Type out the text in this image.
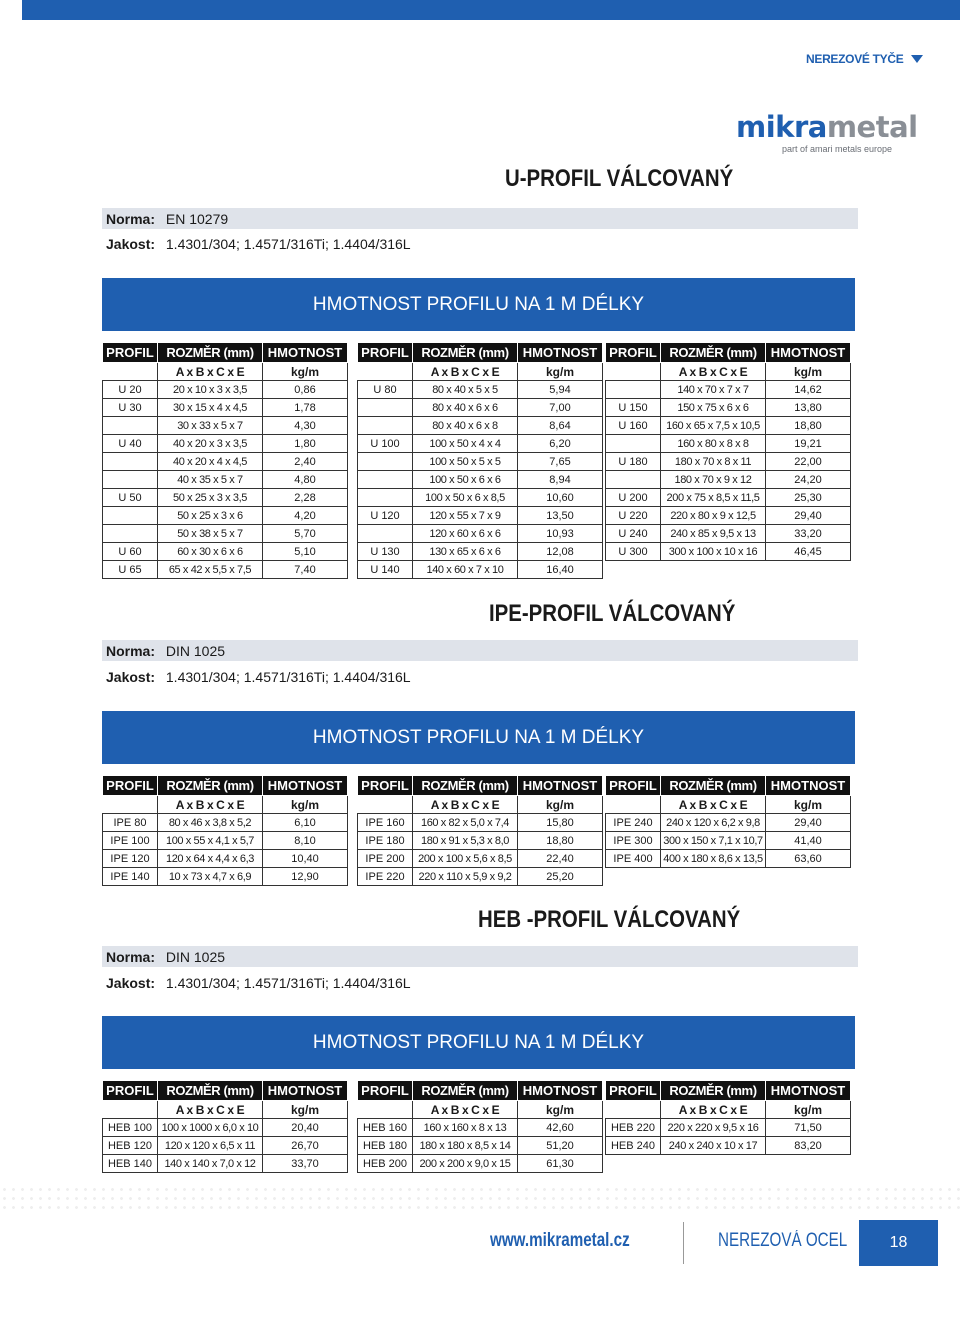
NEREZOVÉ TYČE
mikrametal
part of amari metals europe
U-PROFIL VÁLCOVANÝ
Norma: EN 10279
Jakost: 1.4301/304; 1.4571/316Ti; 1.4404/316L
HMOTNOST PROFILU NA 1 M DÉLKY
PROFIL	ROZMĚR (mm)	HMOTNOST
	A x B x C x E	kg/m
U 20	20 x 10 x 3 x 3,5	0,86
U 30	30 x 15 x 4 x 4,5	1,78
	30 x 33 x 5 x 7	4,30
U 40	40 x 20 x 3 x 3,5	1,80
	40 x 20 x 4 x 4,5	2,40
	40 x 35 x 5 x 7	4,80
U 50	50 x 25 x 3 x 3,5	2,28
	50 x 25 x 3 x 6	4,20
	50 x 38 x 5 x 7	5,70
U 60	60 x 30 x 6 x 6	5,10
U 65	65 x 42 x 5,5 x 7,5	7,40
PROFIL	ROZMĚR (mm)	HMOTNOST
	A x B x C x E	kg/m
U 80	80 x 40 x 5 x 5	5,94
	80 x 40 x 6 x 6	7,00
	80 x 40 x 6 x 8	8,64
U 100	100 x 50 x 4 x 4	6,20
	100 x 50 x 5 x 5	7,65
	100 x 50 x 6 x 6	8,94
	100 x 50 x 6 x 8,5	10,60
U 120	120 x 55 x 7 x 9	13,50
	120 x 60 x 6 x 6	10,93
U 130	130 x 65 x 6 x 6	12,08
U 140	140 x 60 x 7 x 10	16,40
PROFIL	ROZMĚR (mm)	HMOTNOST
	A x B x C x E	kg/m
	140 x 70 x 7 x 7	14,62
U 150	150 x 75 x 6 x 6	13,80
U 160	160 x 65 x 7,5 x 10,5	18,80
	160 x 80 x 8 x 8	19,21
U 180	180 x 70 x 8 x 11	22,00
	180 x 70 x 9 x 12	24,20
U 200	200 x 75 x 8,5 x 11,5	25,30
U 220	220 x 80 x 9 x 12,5	29,40
U 240	240 x 85 x 9,5 x 13	33,20
U 300	300 x 100 x 10 x 16	46,45
IPE-PROFIL VÁLCOVANÝ
Norma: DIN 1025
Jakost: 1.4301/304; 1.4571/316Ti; 1.4404/316L
HMOTNOST PROFILU NA 1 M DÉLKY
PROFIL	ROZMĚR (mm)	HMOTNOST
	A x B x C x E	kg/m
IPE 80	80 x 46 x 3,8 x 5,2	6,10
IPE 100	100 x 55 x 4,1 x 5,7	8,10
IPE 120	120 x 64 x 4,4 x 6,3	10,40
IPE 140	10 x 73 x 4,7 x 6,9	12,90
PROFIL	ROZMĚR (mm)	HMOTNOST
	A x B x C x E	kg/m
IPE 160	160 x 82 x 5,0 x 7,4	15,80
IPE 180	180 x 91 x 5,3 x 8,0	18,80
IPE 200	200 x 100 x 5,6 x 8,5	22,40
IPE 220	220 x 110 x 5,9 x 9,2	25,20
PROFIL	ROZMĚR (mm)	HMOTNOST
	A x B x C x E	kg/m
IPE 240	240 x 120 x 6,2 x 9,8	29,40
IPE 300	300 x 150 x 7,1 x 10,7	41,40
IPE 400	400 x 180 x 8,6 x 13,5	63,60
HEB -PROFIL VÁLCOVANÝ
Norma: DIN 1025
Jakost: 1.4301/304; 1.4571/316Ti; 1.4404/316L
HMOTNOST PROFILU NA 1 M DÉLKY
PROFIL	ROZMĚR (mm)	HMOTNOST
	A x B x C x E	kg/m
HEB 100	100 x 1000 x 6,0 x 10	20,40
HEB 120	120 x 120 x 6,5 x 11	26,70
HEB 140	140 x 140 x 7,0 x 12	33,70
PROFIL	ROZMĚR (mm)	HMOTNOST
	A x B x C x E	kg/m
HEB 160	160 x 160 x 8 x 13	42,60
HEB 180	180 x 180 x 8,5 x 14	51,20
HEB 200	200 x 200 x 9,0 x 15	61,30
PROFIL	ROZMĚR (mm)	HMOTNOST
	A x B x C x E	kg/m
HEB 220	220 x 220 x 9,5 x 16	71,50
HEB 240	240 x 240 x 10 x 17	83,20
www.mikrametal.cz	NEREZOVÁ OCEL	18
